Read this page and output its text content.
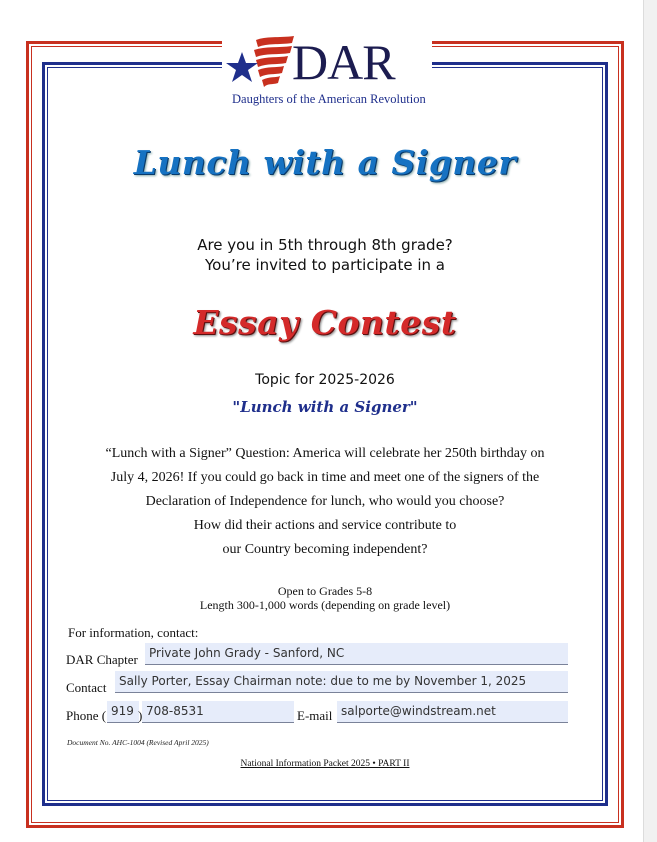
DAR
Daughters of the American Revolution
Lunch with a Signer
Are you in 5th through 8th grade?
You’re invited to participate in a
Essay Contest
Topic for 2025-2026
"Lunch with a Signer"
“Lunch with a Signer” Question: America will celebrate her 250th birthday on
July 4, 2026! If you could go back in time and meet one of the signers of the
Declaration of Independence for lunch, who would you choose?
How did their actions and service contribute to
our Country becoming independent?
Open to Grades 5-8
Length 300-1,000 words (depending on grade level)
For information, contact:
DAR Chapter Private John Grady - Sanford, NC
Contact	Sally Porter, Essay Chairman note: due to me by November 1, 2025
Phone ( 919 ) 708-8531	E-mail salporte@windstream.net
Document No. AHC-1004 (Revised April 2025)
National Information Packet 2025 • PART II
